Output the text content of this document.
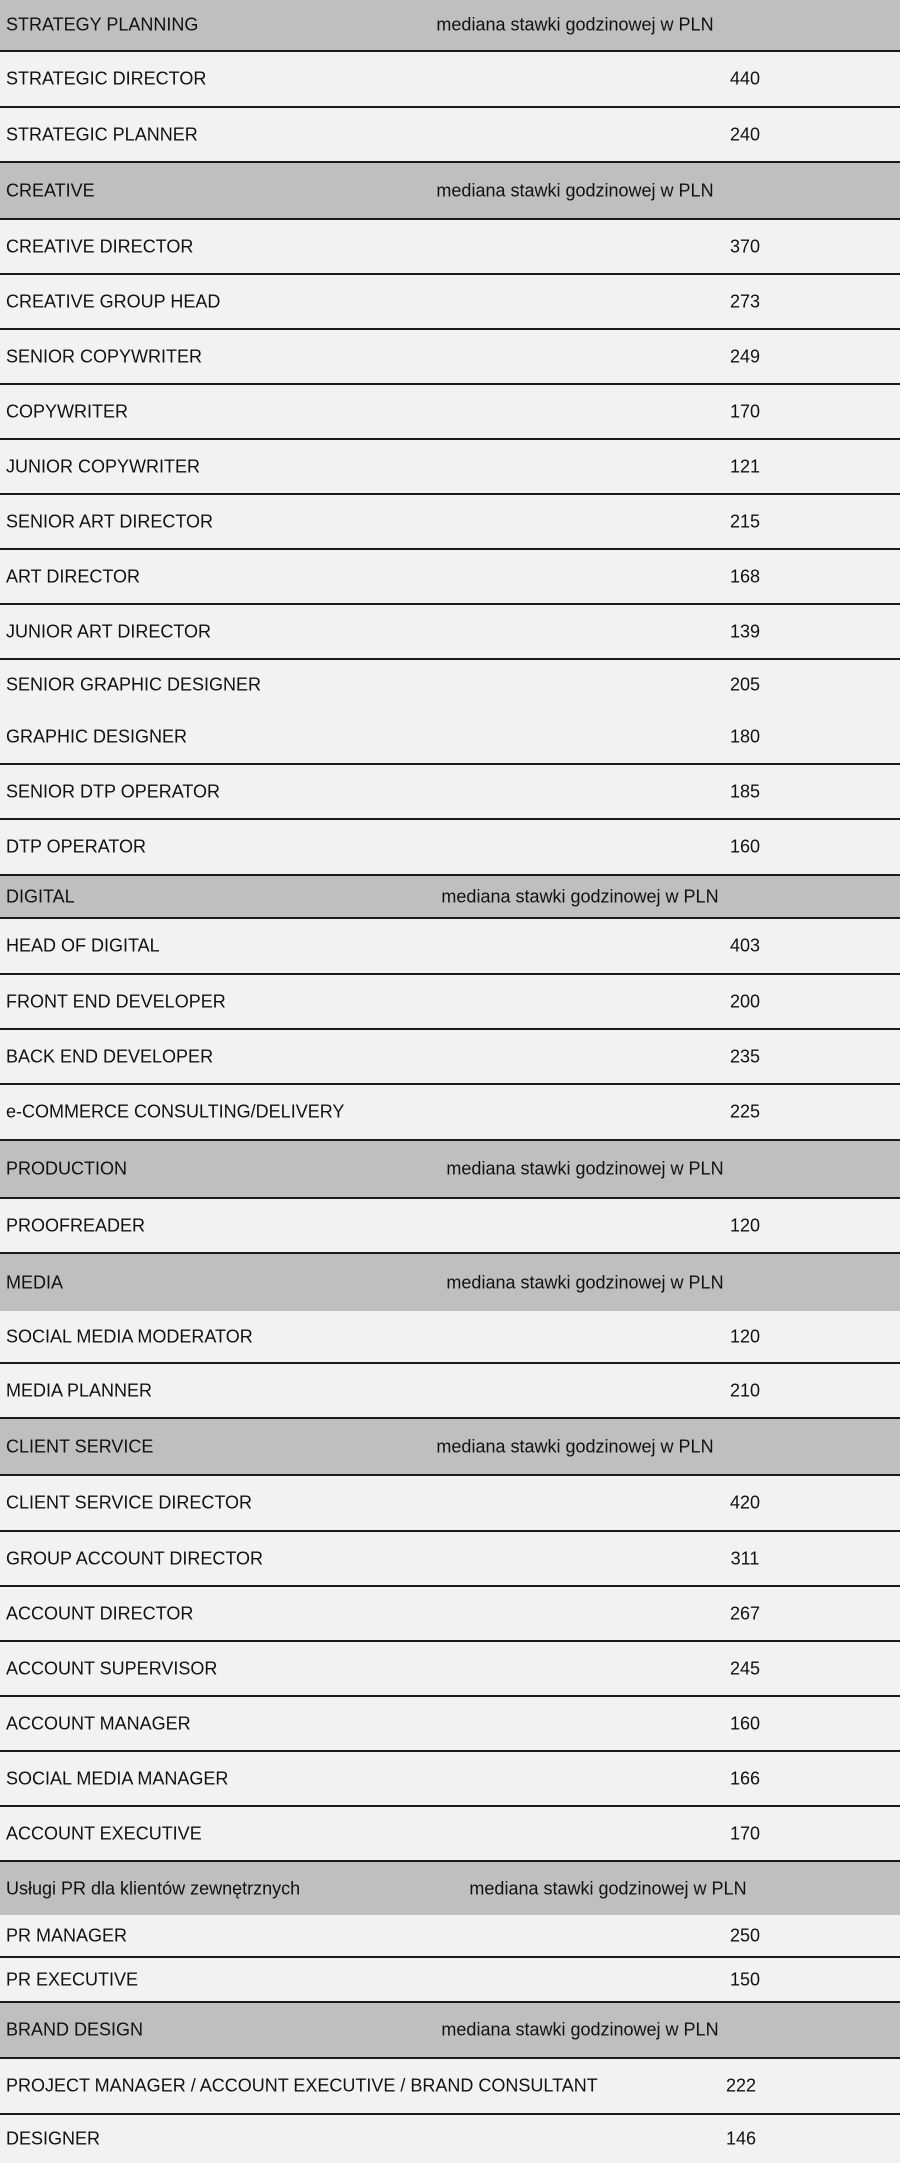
STRATEGY PLANNING	mediana stawki godzinowej w PLN
STRATEGIC DIRECTOR	440
STRATEGIC PLANNER	240
CREATIVE	mediana stawki godzinowej w PLN
CREATIVE DIRECTOR	370
CREATIVE GROUP HEAD	273
SENIOR COPYWRITER	249
COPYWRITER	170
JUNIOR COPYWRITER	121
SENIOR ART DIRECTOR	215
ART DIRECTOR	168
JUNIOR ART DIRECTOR	139
SENIOR GRAPHIC DESIGNER	205
GRAPHIC DESIGNER	180
SENIOR DTP OPERATOR	185
DTP OPERATOR	160
DIGITAL	mediana stawki godzinowej w PLN
HEAD OF DIGITAL	403
FRONT END DEVELOPER	200
BACK END DEVELOPER	235
e-COMMERCE CONSULTING/DELIVERY	225
PRODUCTION	mediana stawki godzinowej w PLN
PROOFREADER	120
MEDIA	mediana stawki godzinowej w PLN
SOCIAL MEDIA MODERATOR	120
MEDIA PLANNER	210
CLIENT SERVICE	mediana stawki godzinowej w PLN
CLIENT SERVICE DIRECTOR	420
GROUP ACCOUNT DIRECTOR	311
ACCOUNT DIRECTOR	267
ACCOUNT SUPERVISOR	245
ACCOUNT MANAGER	160
SOCIAL MEDIA MANAGER	166
ACCOUNT EXECUTIVE	170
Usługi PR dla klientów zewnętrznych	mediana stawki godzinowej w PLN
PR MANAGER	250
PR EXECUTIVE	150
BRAND DESIGN	mediana stawki godzinowej w PLN
PROJECT MANAGER / ACCOUNT EXECUTIVE / BRAND CONSULTANT	222
DESIGNER	146
